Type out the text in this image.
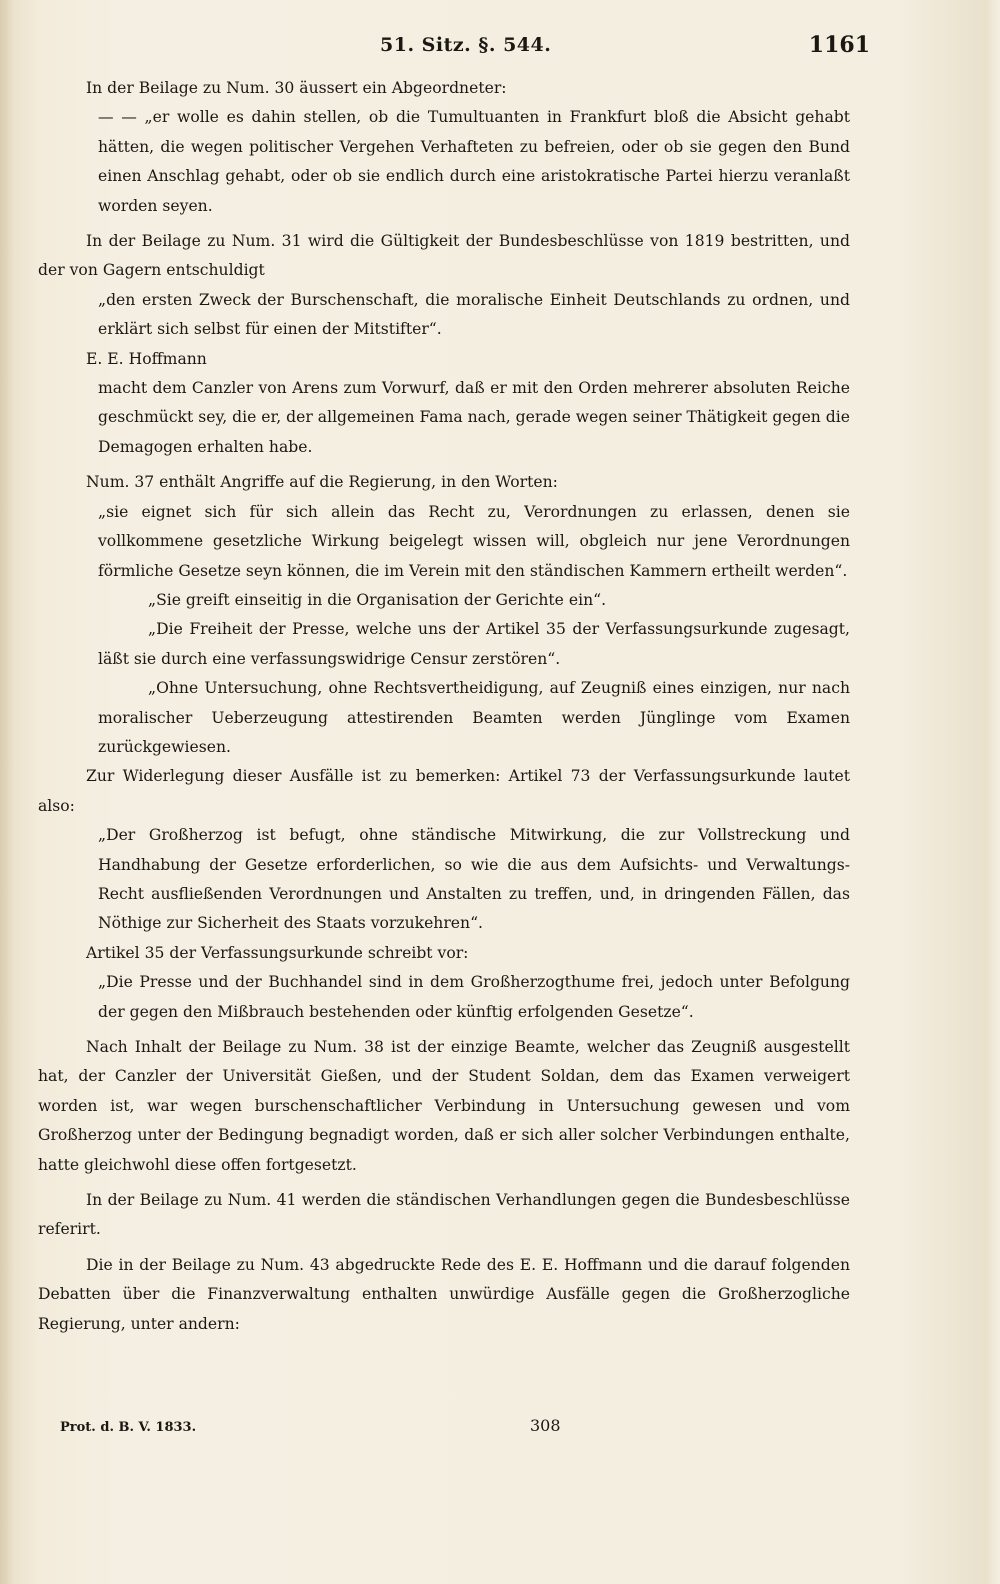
51. Sitz. §. 544.	1161

In der Beilage zu Num. 30 äussert ein Abgeordneter:

— — „er wolle es dahin stellen, ob die Tumultuanten in Frankfurt bloß die Absicht gehabt hätten, die wegen politischer Vergehen Verhafteten zu befreien, oder ob sie gegen den Bund einen Anschlag gehabt, oder ob sie endlich durch eine aristokratische Partei hierzu veranlaßt worden seyen.

In der Beilage zu Num. 31 wird die Gültigkeit der Bundesbeschlüsse von 1819 bestritten, und der von Gagern entschuldigt

„den ersten Zweck der Burschenschaft, die moralische Einheit Deutschlands zu ordnen, und erklärt sich selbst für einen der Mitstifter“.

E. E. Hoffmann

macht dem Canzler von Arens zum Vorwurf, daß er mit den Orden mehrerer absoluten Reiche geschmückt sey, die er, der allgemeinen Fama nach, gerade wegen seiner Thätigkeit gegen die Demagogen erhalten habe.

Num. 37 enthält Angriffe auf die Regierung, in den Worten:

„sie eignet sich für sich allein das Recht zu, Verordnungen zu erlassen, denen sie vollkommene gesetzliche Wirkung beigelegt wissen will, obgleich nur jene Verordnungen förmliche Gesetze seyn können, die im Verein mit den ständischen Kammern ertheilt werden“.

„Sie greift einseitig in die Organisation der Gerichte ein“.

„Die Freiheit der Presse, welche uns der Artikel 35 der Verfassungsurkunde zugesagt, läßt sie durch eine verfassungswidrige Censur zerstören“.

„Ohne Untersuchung, ohne Rechtsvertheidigung, auf Zeugniß eines einzigen, nur nach moralischer Ueberzeugung attestirenden Beamten werden Jünglinge vom Examen zurückgewiesen.

Zur Widerlegung dieser Ausfälle ist zu bemerken: Artikel 73 der Verfassungsurkunde lautet also:

„Der Großherzog ist befugt, ohne ständische Mitwirkung, die zur Vollstreckung und Handhabung der Gesetze erforderlichen, so wie die aus dem Aufsichts- und Verwaltungs-Recht ausfließenden Verordnungen und Anstalten zu treffen, und, in dringenden Fällen, das Nöthige zur Sicherheit des Staats vorzukehren“.

Artikel 35 der Verfassungsurkunde schreibt vor:

„Die Presse und der Buchhandel sind in dem Großherzogthume frei, jedoch unter Befolgung der gegen den Mißbrauch bestehenden oder künftig erfolgenden Gesetze“.

Nach Inhalt der Beilage zu Num. 38 ist der einzige Beamte, welcher das Zeugniß ausgestellt hat, der Canzler der Universität Gießen, und der Student Soldan, dem das Examen verweigert worden ist, war wegen burschenschaftlicher Verbindung in Untersuchung gewesen und vom Großherzog unter der Bedingung begnadigt worden, daß er sich aller solcher Verbindungen enthalte, hatte gleichwohl diese offen fortgesetzt.

In der Beilage zu Num. 41 werden die ständischen Verhandlungen gegen die Bundesbeschlüsse referirt.

Die in der Beilage zu Num. 43 abgedruckte Rede des E. E. Hoffmann und die darauf folgenden Debatten über die Finanzverwaltung enthalten unwürdige Ausfälle gegen die Großherzogliche Regierung, unter andern:

Prot. d. B. V. 1833.	308
